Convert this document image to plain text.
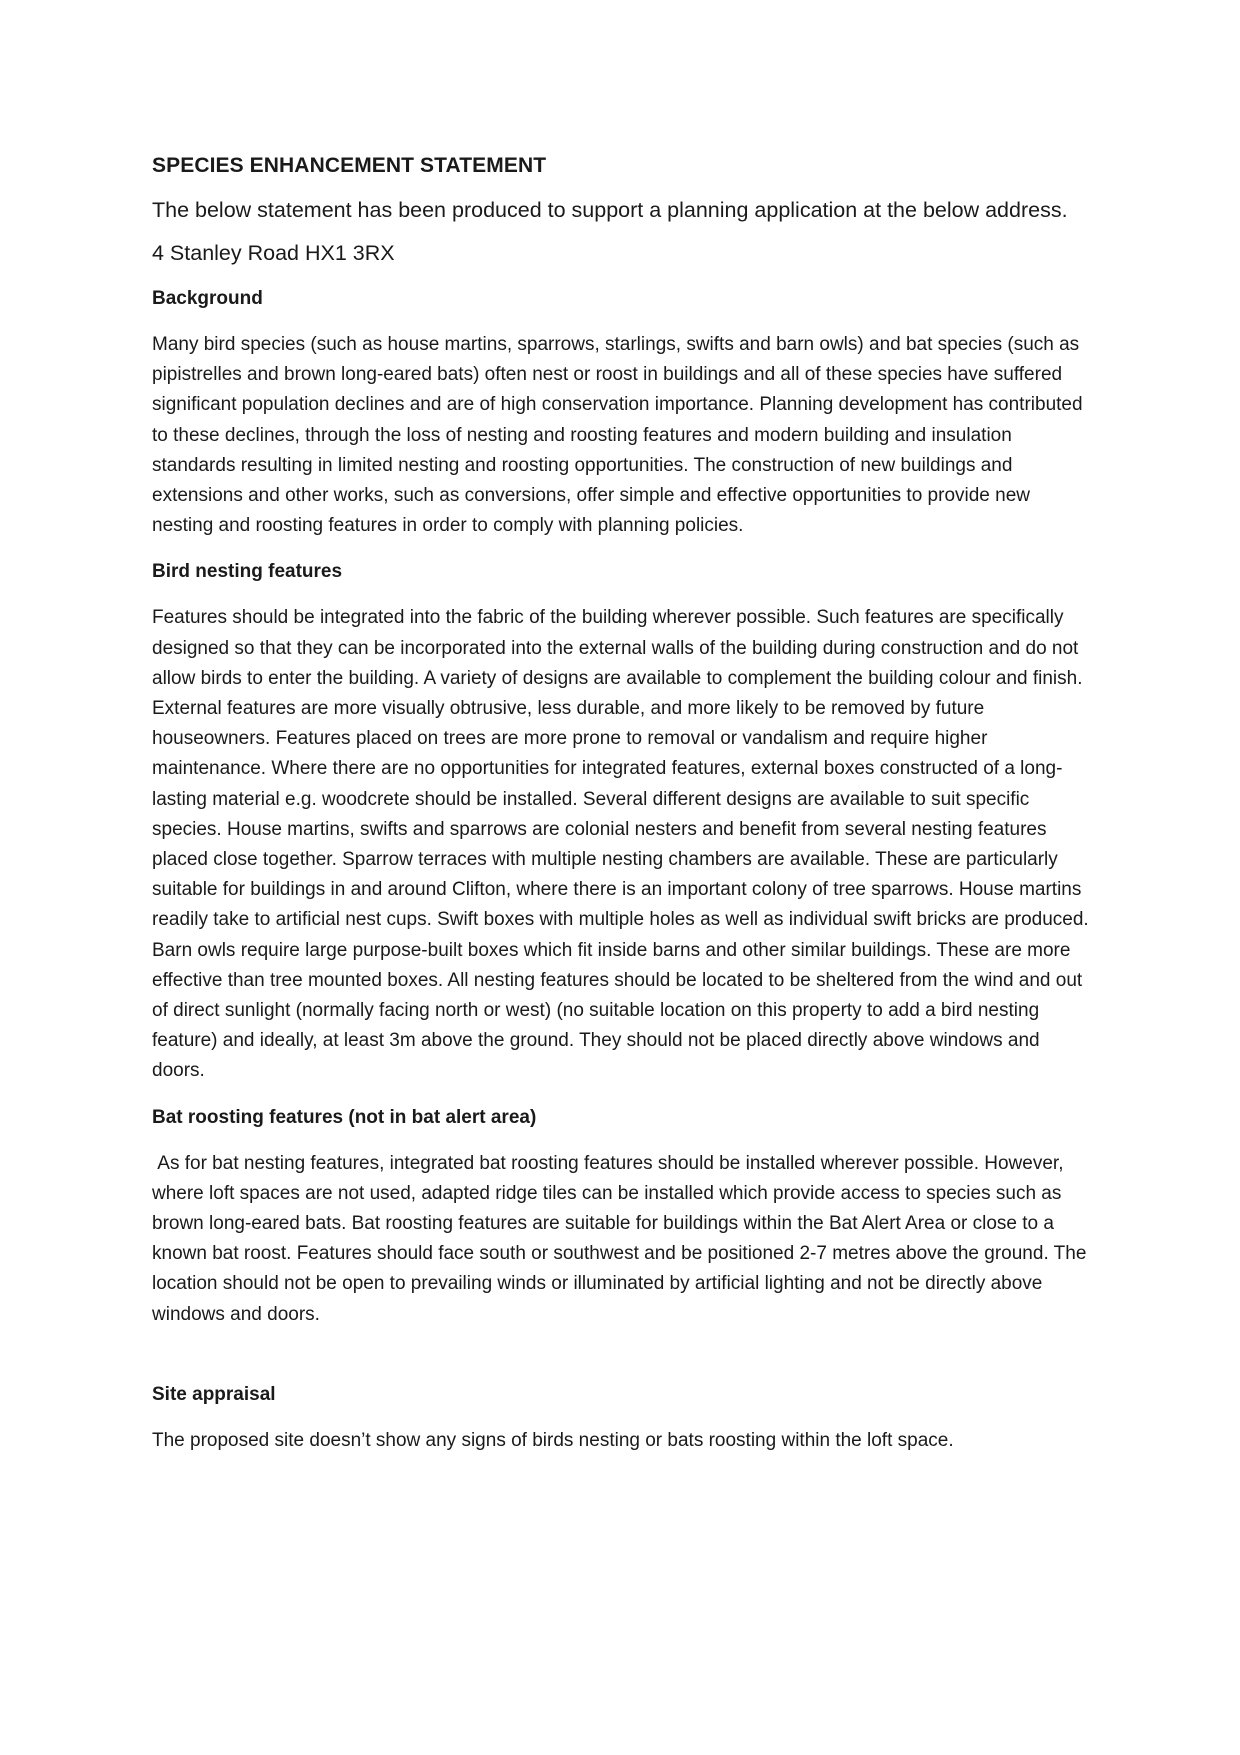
SPECIES ENHANCEMENT STATEMENT

The below statement has been produced to support a planning application at the below address.

4 Stanley Road HX1 3RX

Background

Many bird species (such as house martins, sparrows, starlings, swifts and barn owls) and bat species (such as pipistrelles and brown long-eared bats) often nest or roost in buildings and all of these species have suffered significant population declines and are of high conservation importance. Planning development has contributed to these declines, through the loss of nesting and roosting features and modern building and insulation standards resulting in limited nesting and roosting opportunities. The construction of new buildings and extensions and other works, such as conversions, offer simple and effective opportunities to provide new nesting and roosting features in order to comply with planning policies.

Bird nesting features

Features should be integrated into the fabric of the building wherever possible. Such features are specifically designed so that they can be incorporated into the external walls of the building during construction and do not allow birds to enter the building. A variety of designs are available to complement the building colour and finish. External features are more visually obtrusive, less durable, and more likely to be removed by future houseowners. Features placed on trees are more prone to removal or vandalism and require higher maintenance. Where there are no opportunities for integrated features, external boxes constructed of a long-lasting material e.g. woodcrete should be installed. Several different designs are available to suit specific species. House martins, swifts and sparrows are colonial nesters and benefit from several nesting features placed close together. Sparrow terraces with multiple nesting chambers are available. These are particularly suitable for buildings in and around Clifton, where there is an important colony of tree sparrows. House martins readily take to artificial nest cups. Swift boxes with multiple holes as well as individual swift bricks are produced. Barn owls require large purpose-built boxes which fit inside barns and other similar buildings. These are more effective than tree mounted boxes. All nesting features should be located to be sheltered from the wind and out of direct sunlight (normally facing north or west) (no suitable location on this property to add a bird nesting feature) and ideally, at least 3m above the ground. They should not be placed directly above windows and doors.

Bat roosting features (not in bat alert area)

As for bat nesting features, integrated bat roosting features should be installed wherever possible. However, where loft spaces are not used, adapted ridge tiles can be installed which provide access to species such as brown long-eared bats. Bat roosting features are suitable for buildings within the Bat Alert Area or close to a known bat roost. Features should face south or southwest and be positioned 2-7 metres above the ground. The location should not be open to prevailing winds or illuminated by artificial lighting and not be directly above windows and doors.

Site appraisal

The proposed site doesn’t show any signs of birds nesting or bats roosting within the loft space.
